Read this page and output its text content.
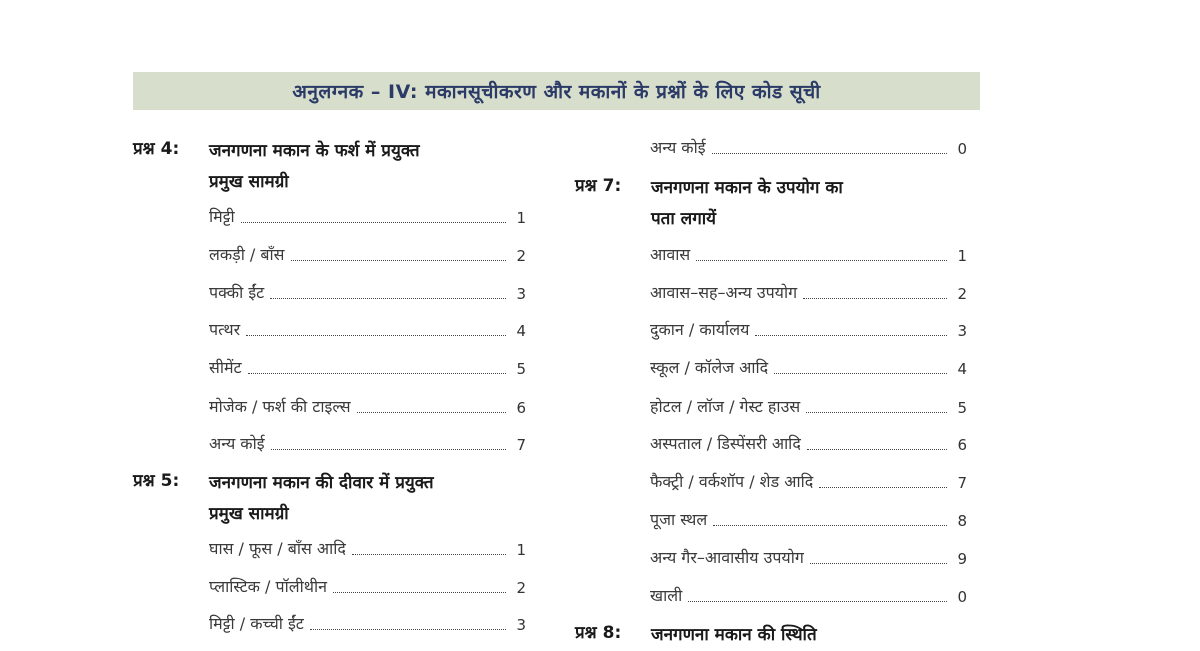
अनुलग्नक – IV: मकानसूचीकरण और मकानों के प्रश्नों के लिए कोड सूची
प्रश्न 4: जनगणना मकान के फर्श में प्रयुक्त
प्रमुख सामग्री
मिट्टी	1
लकड़ी / बाँस	2
पक्की ईंट	3
पत्थर	4
सीमेंट	5
मोजेक / फर्श की टाइल्स	6
अन्य कोई	7
प्रश्न 5: जनगणना मकान की दीवार में प्रयुक्त
प्रमुख सामग्री
घास / फूस / बाँस आदि	1
प्लास्टिक / पॉलीथीन	2
मिट्टी / कच्ची ईंट	3
अन्य कोई	0
प्रश्न 7: जनगणना मकान के उपयोग का
पता लगायें
आवास	1
आवास–सह–अन्य उपयोग	2
दुकान / कार्यालय	3
स्कूल / कॉलेज आदि	4
होटल / लॉज / गेस्ट हाउस	5
अस्पताल / डिस्पेंसरी आदि	6
फैक्ट्री / वर्कशॉप / शेड आदि	7
पूजा स्थल	8
अन्य गैर–आवासीय उपयोग	9
खाली	0
प्रश्न 8: जनगणना मकान की स्थिति
